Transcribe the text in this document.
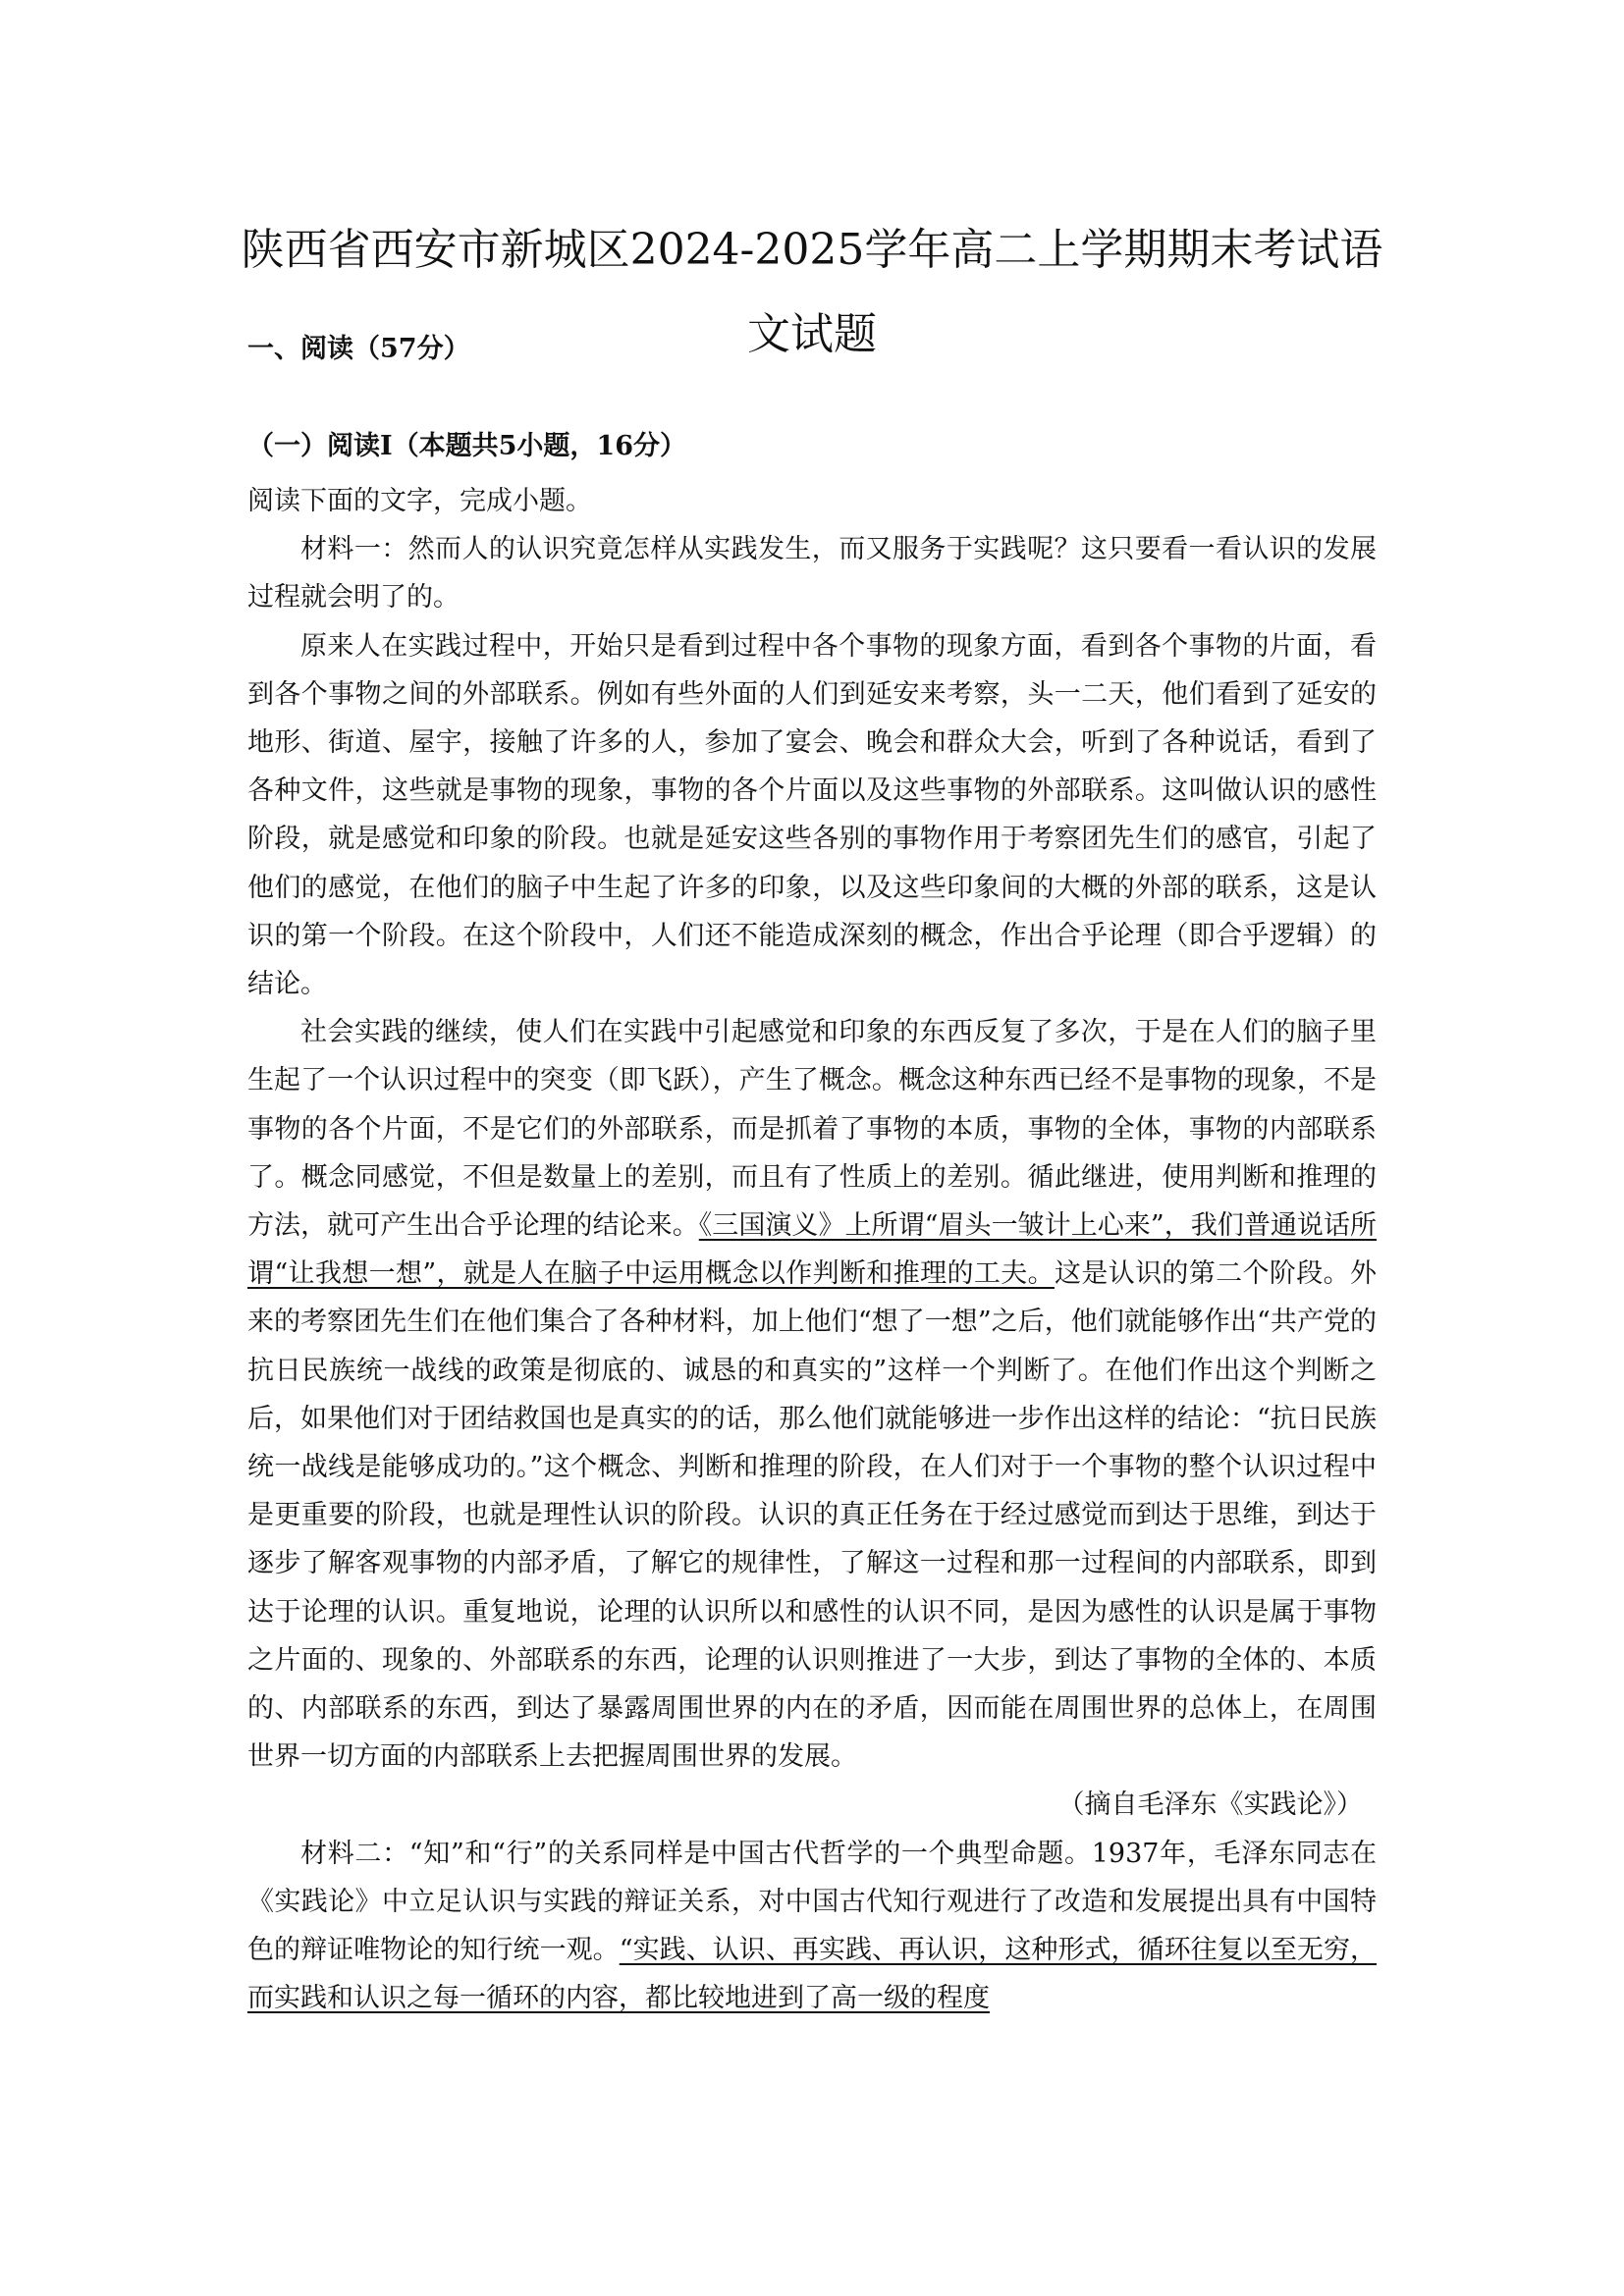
陕西省西安市新城区2024-2025学年高二上学期期末考试语
文试题
一、阅读（57分）
（一）阅读Ⅰ（本题共5小题，16分）

阅读下面的文字，完成小题。

材料一：然而人的认识究竟怎样从实践发生，而又服务于实践呢？这只要看一看认识的发展过程就会明了的。

原来人在实践过程中，开始只是看到过程中各个事物的现象方面，看到各个事物的片面，看到各个事物之间的外部联系。例如有些外面的人们到延安来考察，头一二天，他们看到了延安的地形、街道、屋宇，接触了许多的人，参加了宴会、晚会和群众大会，听到了各种说话，看到了各种文件，这些就是事物的现象，事物的各个片面以及这些事物的外部联系。这叫做认识的感性阶段，就是感觉和印象的阶段。也就是延安这些各别的事物作用于考察团先生们的感官，引起了他们的感觉，在他们的脑子中生起了许多的印象，以及这些印象间的大概的外部的联系，这是认识的第一个阶段。在这个阶段中，人们还不能造成深刻的概念，作出合乎论理（即合乎逻辑）的结论。

社会实践的继续，使人们在实践中引起感觉和印象的东西反复了多次，于是在人们的脑子里生起了一个认识过程中的突变（即飞跃），产生了概念。概念这种东西已经不是事物的现象，不是事物的各个片面，不是它们的外部联系，而是抓着了事物的本质，事物的全体，事物的内部联系了。概念同感觉，不但是数量上的差别，而且有了性质上的差别。循此继进，使用判断和推理的方法，就可产生出合乎论理的结论来。《三国演义》上所谓“眉头一皱计上心来”，我们普通说话所谓“让我想一想”，就是人在脑子中运用概念以作判断和推理的工夫。这是认识的第二个阶段。外来的考察团先生们在他们集合了各种材料，加上他们“想了一想”之后，他们就能够作出“共产党的抗日民族统一战线的政策是彻底的、诚恳的和真实的”这样一个判断了。在他们作出这个判断之后，如果他们对于团结救国也是真实的的话，那么他们就能够进一步作出这样的结论：“抗日民族统一战线是能够成功的。”这个概念、判断和推理的阶段，在人们对于一个事物的整个认识过程中是更重要的阶段，也就是理性认识的阶段。认识的真正任务在于经过感觉而到达于思维，到达于逐步了解客观事物的内部矛盾，了解它的规律性，了解这一过程和那一过程间的内部联系，即到达于论理的认识。重复地说，论理的认识所以和感性的认识不同，是因为感性的认识是属于事物之片面的、现象的、外部联系的东西，论理的认识则推进了一大步，到达了事物的全体的、本质的、内部联系的东西，到达了暴露周围世界的内在的矛盾，因而能在周围世界的总体上，在周围世界一切方面的内部联系上去把握周围世界的发展。

（摘自毛泽东《实践论》）

材料二：“知”和“行”的关系同样是中国古代哲学的一个典型命题。1937年，毛泽东同志在《实践论》中立足认识与实践的辩证关系，对中国古代知行观进行了改造和发展提出具有中国特色的辩证唯物论的知行统一观。“实践、认识、再实践、再认识，这种形式，循环往复以至无穷，而实践和认识之每一循环的内容，都比较地进到了高一级的程度
